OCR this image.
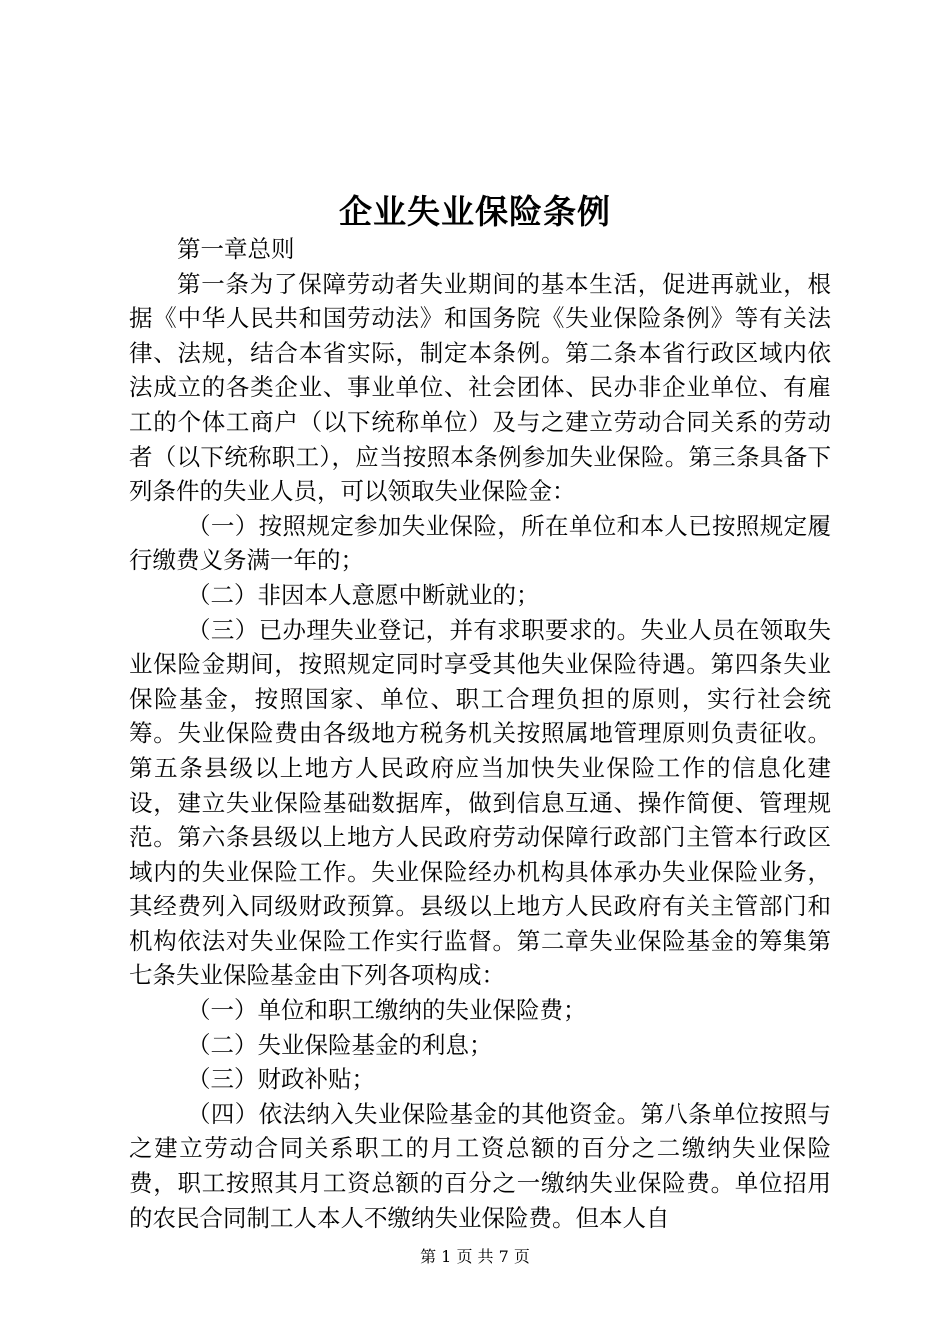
企业失业保险条例

第一章总则

第一条为了保障劳动者失业期间的基本生活，促进再就业，根据《中华人民共和国劳动法》和国务院《失业保险条例》等有关法律、法规，结合本省实际，制定本条例。第二条本省行政区域内依法成立的各类企业、事业单位、社会团体、民办非企业单位、有雇工的个体工商户（以下统称单位）及与之建立劳动合同关系的劳动者（以下统称职工），应当按照本条例参加失业保险。第三条具备下列条件的失业人员，可以领取失业保险金：

（一）按照规定参加失业保险，所在单位和本人已按照规定履行缴费义务满一年的；

（二）非因本人意愿中断就业的；

（三）已办理失业登记，并有求职要求的。失业人员在领取失业保险金期间，按照规定同时享受其他失业保险待遇。第四条失业保险基金，按照国家、单位、职工合理负担的原则，实行社会统筹。失业保险费由各级地方税务机关按照属地管理原则负责征收。第五条县级以上地方人民政府应当加快失业保险工作的信息化建设，建立失业保险基础数据库，做到信息互通、操作简便、管理规范。第六条县级以上地方人民政府劳动保障行政部门主管本行政区域内的失业保险工作。失业保险经办机构具体承办失业保险业务，其经费列入同级财政预算。县级以上地方人民政府有关主管部门和机构依法对失业保险工作实行监督。第二章失业保险基金的筹集第七条失业保险基金由下列各项构成：

（一）单位和职工缴纳的失业保险费；

（二）失业保险基金的利息；

（三）财政补贴；

（四）依法纳入失业保险基金的其他资金。第八条单位按照与之建立劳动合同关系职工的月工资总额的百分之二缴纳失业保险费，职工按照其月工资总额的百分之一缴纳失业保险费。单位招用的农民合同制工人本人不缴纳失业保险费。但本人自

第 1 页 共 7 页
